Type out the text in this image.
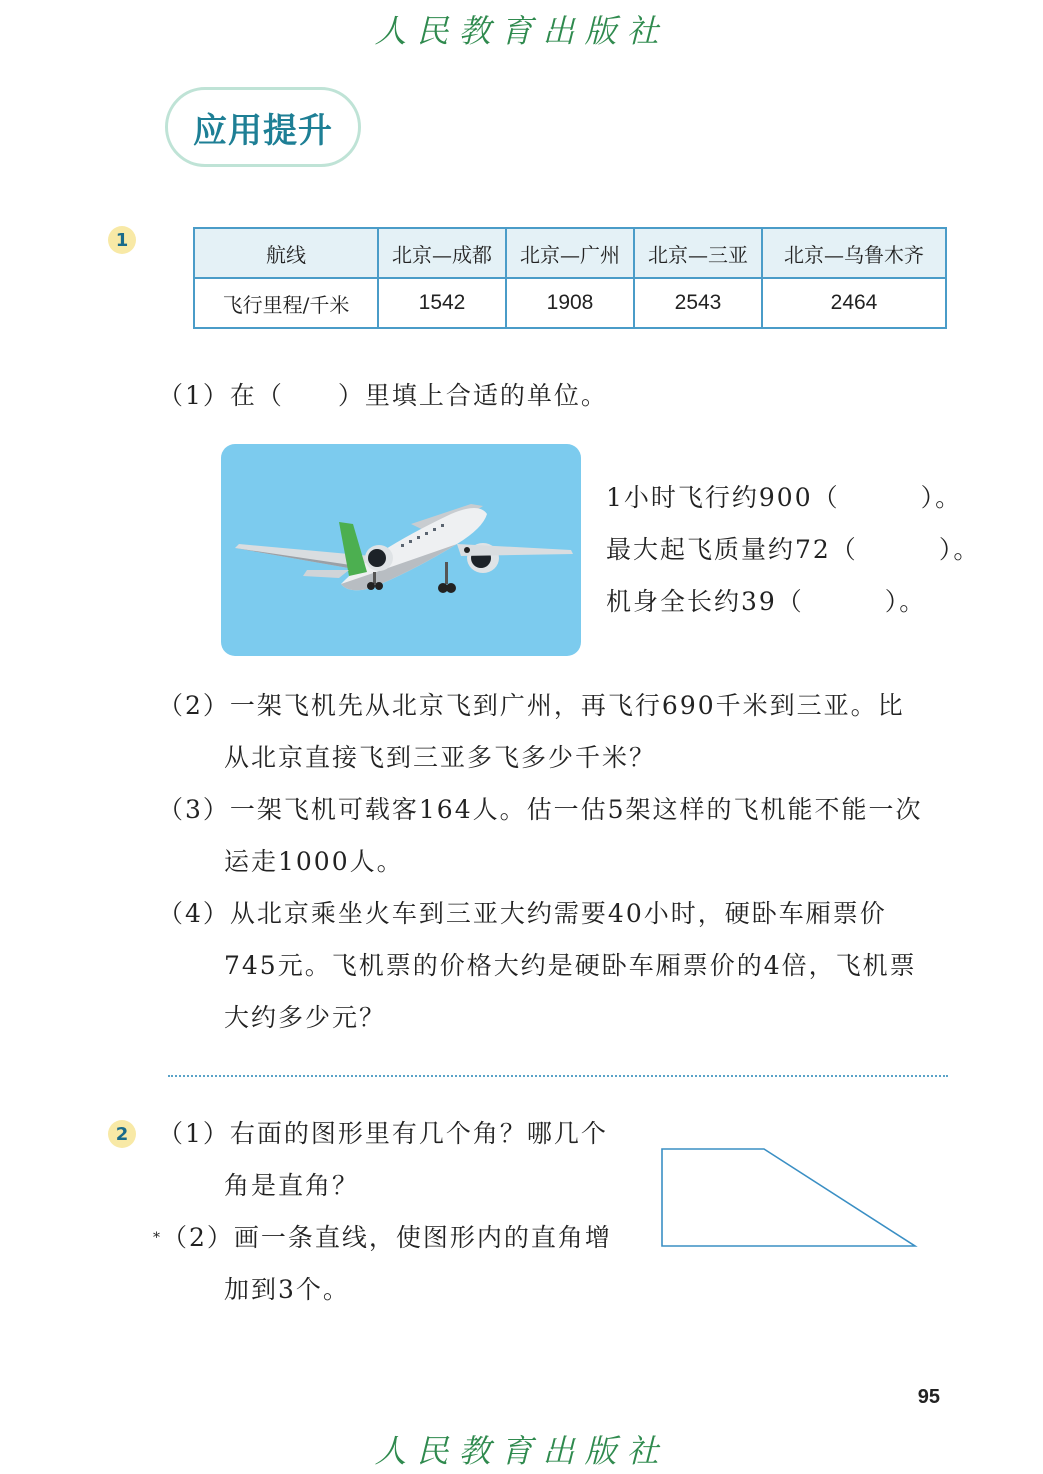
人民教育出版社
应用提升
1
航线	北京—成都	北京—广州	北京—三亚	北京—乌鲁木齐
飞行里程/千米	1542	1908	2543	2464
（1）在（　　）里填上合适的单位。
1小时飞行约900（　　　）。
最大起飞质量约72（　　　）。
机身全长约39（　　　）。
（2）一架飞机先从北京飞到广州，再飞行690千米到三亚。比
从北京直接飞到三亚多飞多少千米？
（3）一架飞机可载客164人。估一估5架这样的飞机能不能一次
运走1000人。
（4）从北京乘坐火车到三亚大约需要40小时，硬卧车厢票价
745元。飞机票的价格大约是硬卧车厢票价的4倍，飞机票
大约多少元？
2	（1）右面的图形里有几个角？哪几个
角是直角？
*（2）画一条直线，使图形内的直角增
加到3个。
95
人民教育出版社
